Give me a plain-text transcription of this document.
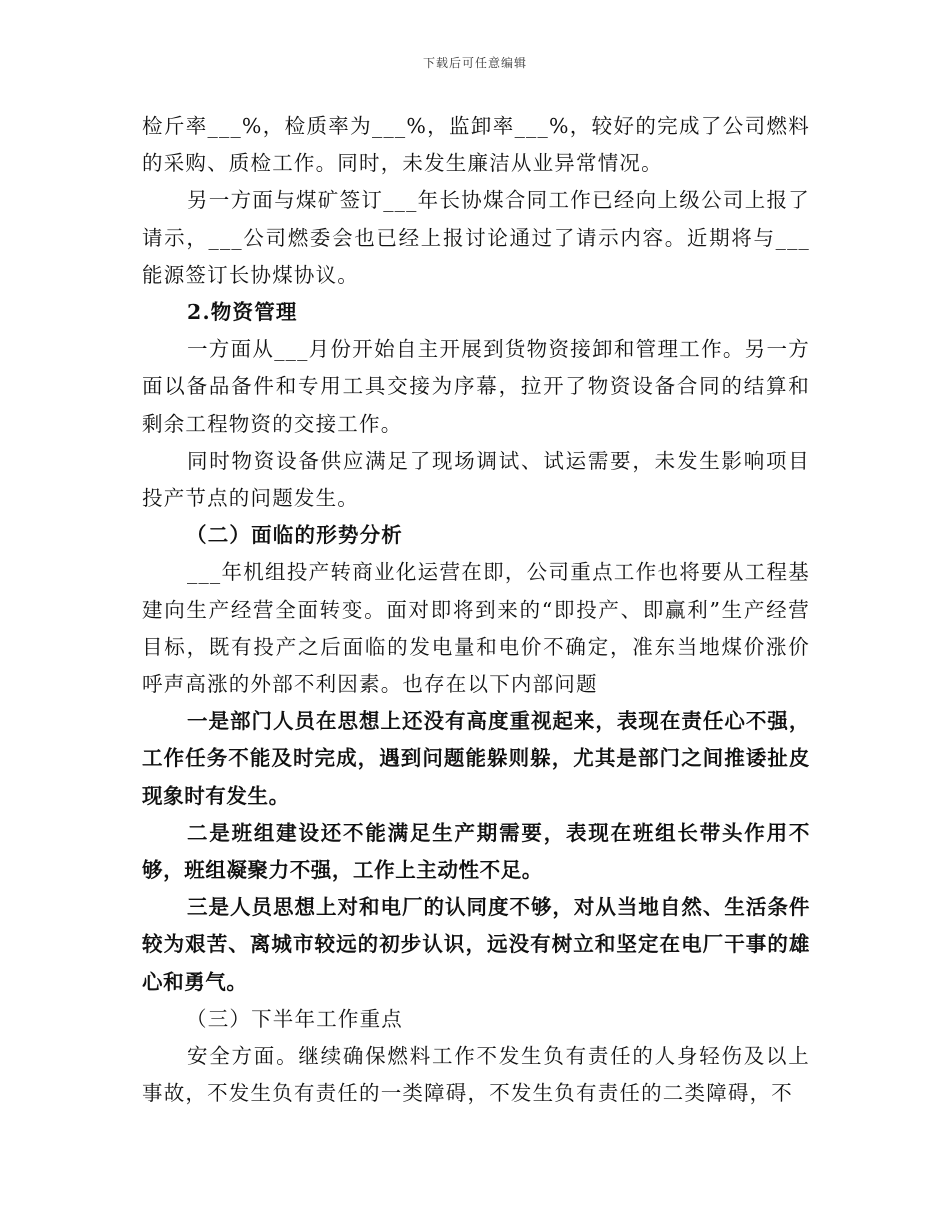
下载后可任意编辑

检斤率___%，检质率为___%，监卸率___%，较好的完成了公司燃料的采购、质检工作。同时，未发生廉洁从业异常情况。

另一方面与煤矿签订___年长协煤合同工作已经向上级公司上报了请示，___公司燃委会也已经上报讨论通过了请示内容。近期将与___能源签订长协煤协议。

2.物资管理

一方面从___月份开始自主开展到货物资接卸和管理工作。另一方面以备品备件和专用工具交接为序幕，拉开了物资设备合同的结算和剩余工程物资的交接工作。

同时物资设备供应满足了现场调试、试运需要，未发生影响项目投产节点的问题发生。

（二）面临的形势分析

___年机组投产转商业化运营在即，公司重点工作也将要从工程基建向生产经营全面转变。面对即将到来的“即投产、即赢利”生产经营目标，既有投产之后面临的发电量和电价不确定，准东当地煤价涨价呼声高涨的外部不利因素。也存在以下内部问题

一是部门人员在思想上还没有高度重视起来，表现在责任心不强，工作任务不能及时完成，遇到问题能躲则躲，尤其是部门之间推诿扯皮现象时有发生。

二是班组建设还不能满足生产期需要，表现在班组长带头作用不够，班组凝聚力不强，工作上主动性不足。

三是人员思想上对和电厂的认同度不够，对从当地自然、生活条件较为艰苦、离城市较远的初步认识，远没有树立和坚定在电厂干事的雄心和勇气。

（三）下半年工作重点

安全方面。继续确保燃料工作不发生负有责任的人身轻伤及以上事故，不发生负有责任的一类障碍，不发生负有责任的二类障碍，不
